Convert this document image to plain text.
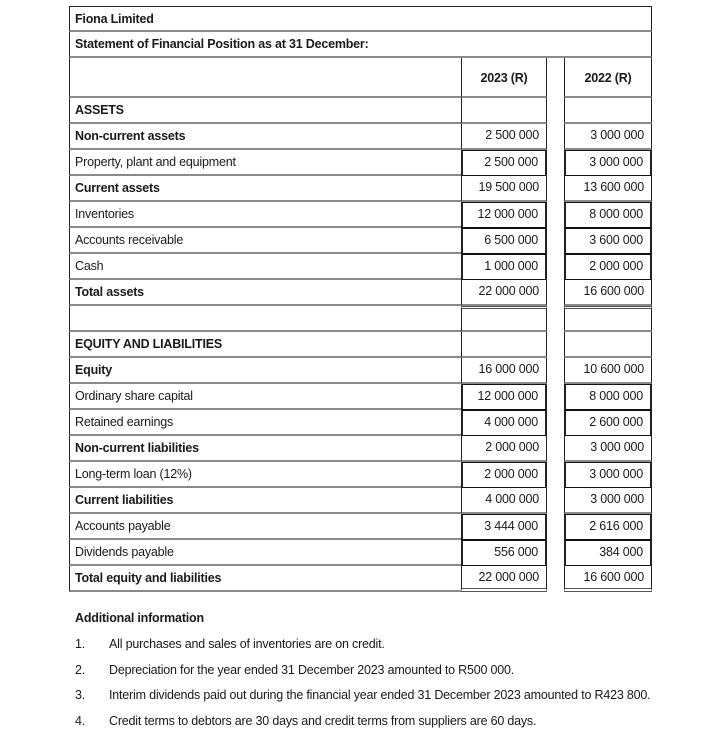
Fiona Limited
Statement of Financial Position as at 31 December:
2023 (R)	2022 (R)
ASSETS
Non-current assets	2 500 000	3 000 000
Property, plant and equipment	2 500 000	3 000 000
Current assets	19 500 000	13 600 000
Inventories	12 000 000	8 000 000
Accounts receivable	6 500 000	3 600 000
Cash	1 000 000	2 000 000
Total assets	22 000 000	16 600 000
EQUITY AND LIABILITIES
Equity	16 000 000	10 600 000
Ordinary share capital	12 000 000	8 000 000
Retained earnings	4 000 000	2 600 000
Non-current liabilities	2 000 000	3 000 000
Long-term loan (12%)	2 000 000	3 000 000
Current liabilities	4 000 000	3 000 000
Accounts payable	3 444 000	2 616 000
Dividends payable	556 000	384 000
Total equity and liabilities	22 000 000	16 600 000
Additional information
1.	All purchases and sales of inventories are on credit.
2.	Depreciation for the year ended 31 December 2023 amounted to R500 000.
3.	Interim dividends paid out during the financial year ended 31 December 2023 amounted to R423 800.
4.	Credit terms to debtors are 30 days and credit terms from suppliers are 60 days.
